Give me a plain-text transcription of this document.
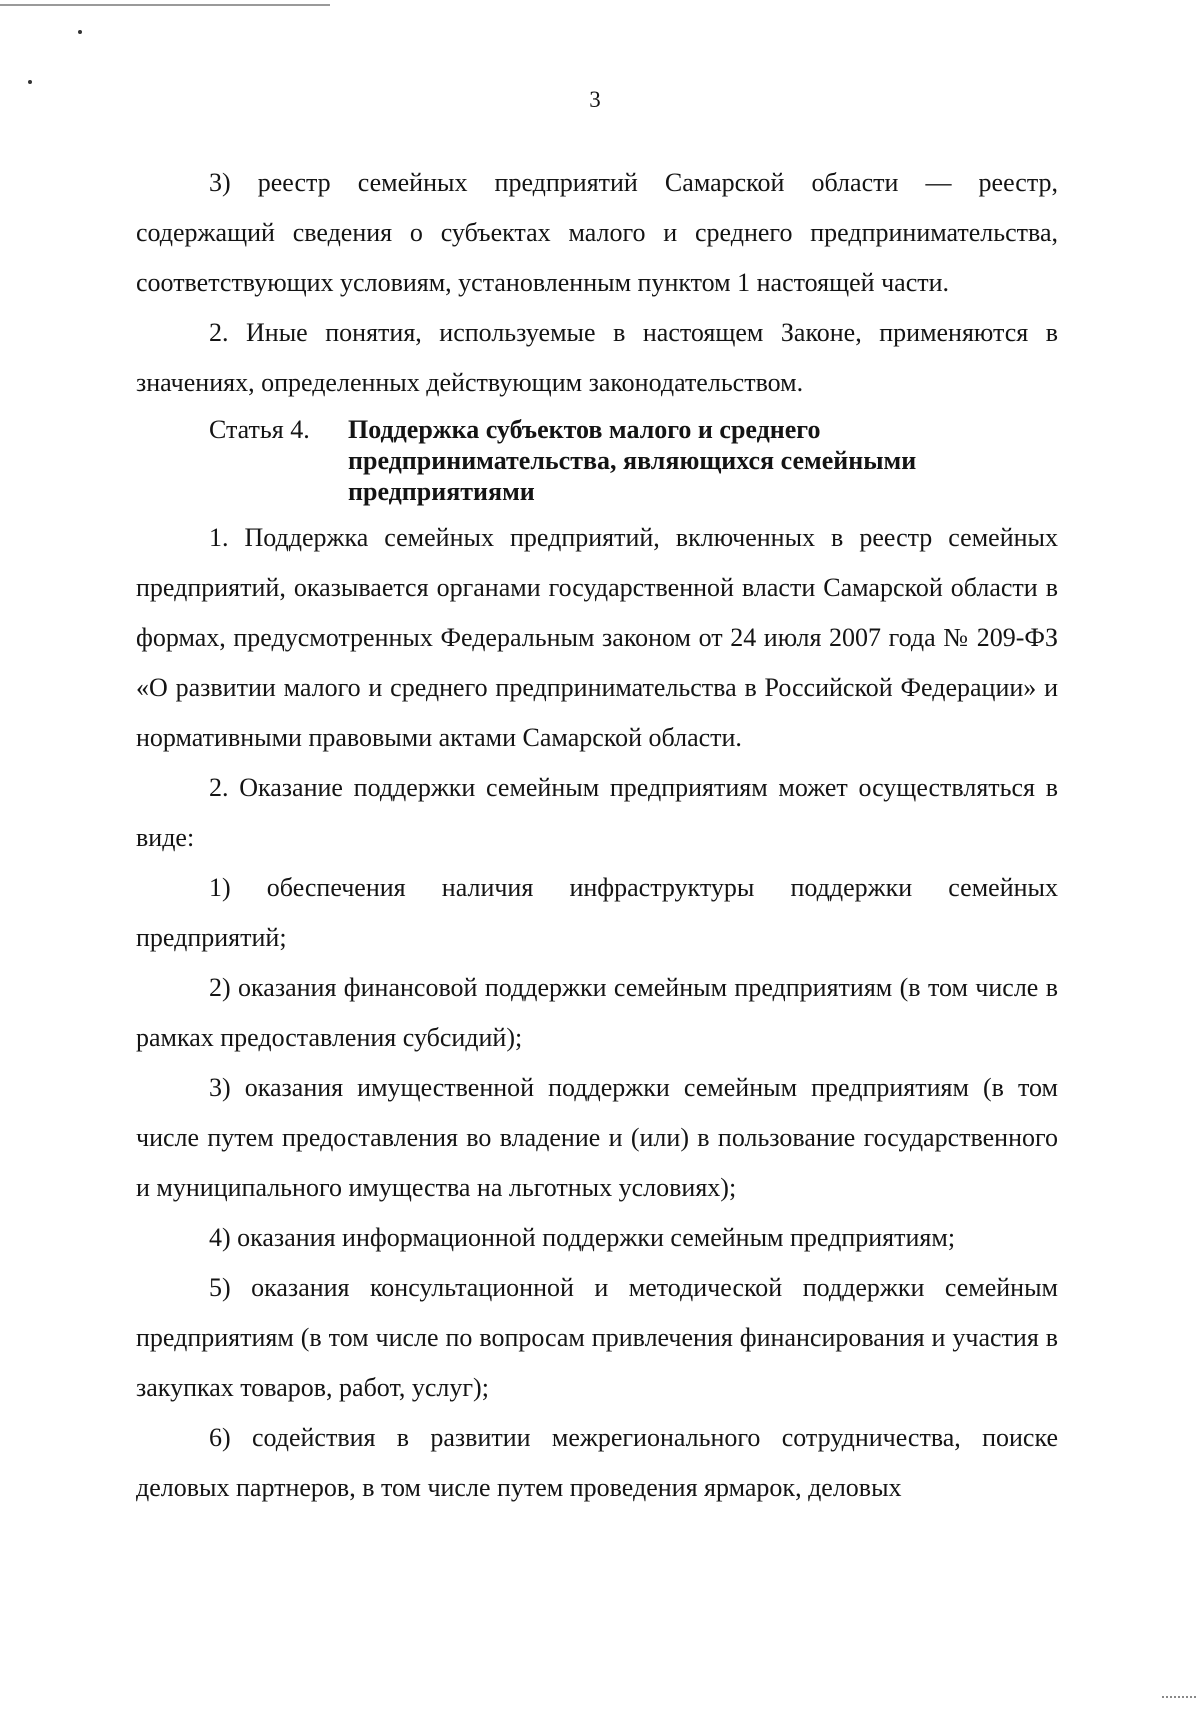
3

3) реестр семейных предприятий Самарской области — реестр, содержащий сведения о субъектах малого и среднего предпринимательства, соответствующих условиям, установленным пунктом 1 настоящей части.

2. Иные понятия, используемые в настоящем Законе, применяются в значениях, определенных действующим законодательством.

Статья 4.	Поддержка субъектов малого и среднего предпринимательства, являющихся семейными предприятиями

1. Поддержка семейных предприятий, включенных в реестр семейных предприятий, оказывается органами государственной власти Самарской области в формах, предусмотренных Федеральным законом от 24 июля 2007 года № 209-ФЗ «О развитии малого и среднего предпринимательства в Российской Федерации» и нормативными правовыми актами Самарской области.

2. Оказание поддержки семейным предприятиям может осуществляться в виде:

1) обеспечения наличия инфраструктуры поддержки семейных предприятий;

2) оказания финансовой поддержки семейным предприятиям (в том числе в рамках предоставления субсидий);

3) оказания имущественной поддержки семейным предприятиям (в том числе путем предоставления во владение и (или) в пользование государственного и муниципального имущества на льготных условиях);

4) оказания информационной поддержки семейным предприятиям;

5) оказания консультационной и методической поддержки семейным предприятиям (в том числе по вопросам привлечения финансирования и участия в закупках товаров, работ, услуг);

6) содействия в развитии межрегионального сотрудничества, поиске деловых партнеров, в том числе путем проведения ярмарок, деловых
